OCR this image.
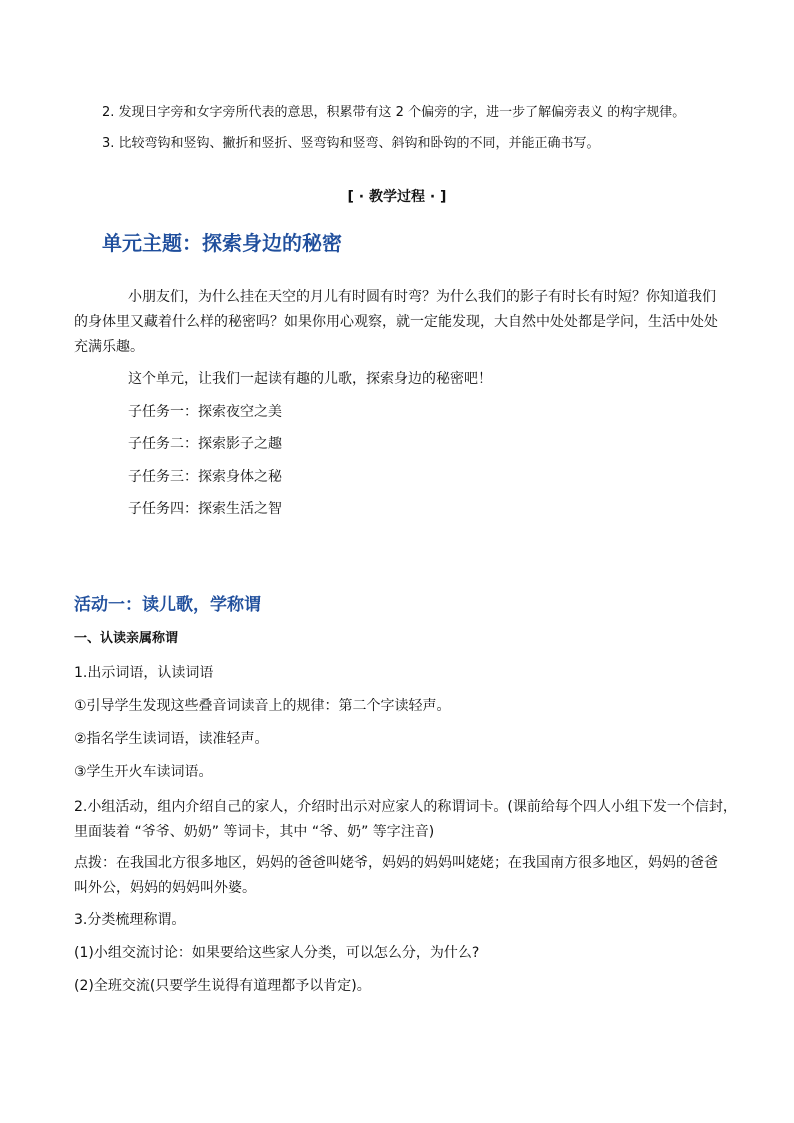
2. 发现日字旁和女字旁所代表的意思，积累带有这 2 个偏旁的字，进一步了解偏旁表义 的构字规律。
3. 比较弯钩和竖钩、撇折和竖折、竖弯钩和竖弯、斜钩和卧钩的不同，并能正确书写。
[ · 教学过程 · ]
单元主题：探索身边的秘密
小朋友们，为什么挂在天空的月儿有时圆有时弯？为什么我们的影子有时长有时短？你知道我们
的身体里又藏着什么样的秘密吗？如果你用心观察，就一定能发现，大自然中处处都是学问，生活中处处
充满乐趣。
这个单元，让我们一起读有趣的儿歌，探索身边的秘密吧！
子任务一：探索夜空之美
子任务二：探索影子之趣
子任务三：探索身体之秘
子任务四：探索生活之智
活动一：读儿歌，学称谓
一、认读亲属称谓
1.出示词语，认读词语
①引导学生发现这些叠音词读音上的规律：第二个字读轻声。
②指名学生读词语，读准轻声。
③学生开火车读词语。
2.小组活动，组内介绍自己的家人，介绍时出示对应家人的称谓词卡。(课前给每个四人小组下发一个信封，
里面装着 “爷爷、奶奶” 等词卡，其中 “爷、奶” 等字注音)
点拨：在我国北方很多地区，妈妈的爸爸叫姥爷，妈妈的妈妈叫姥姥；在我国南方很多地区，妈妈的爸爸
叫外公，妈妈的妈妈叫外婆。
3.分类梳理称谓。
(1)小组交流讨论：如果要给这些家人分类，可以怎么分，为什么?
(2)全班交流(只要学生说得有道理都予以肯定)。
